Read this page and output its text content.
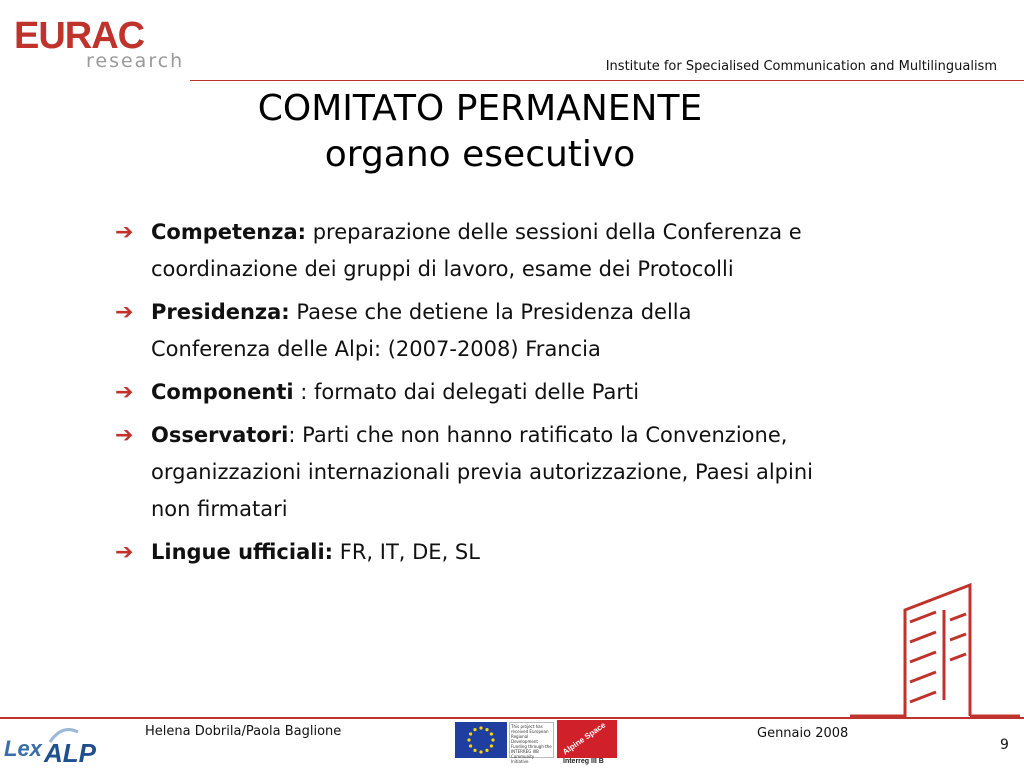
EURAC
research	Institute for Specialised Communication and Multilingualism
COMITATO PERMANENTE
organo esecutivo
➔ Competenza: preparazione delle sessioni della Conferenza e coordinazione dei gruppi di lavoro, esame dei Protocolli
➔ Presidenza: Paese che detiene la Presidenza della Conferenza delle Alpi: (2007-2008) Francia
➔ Componenti : formato dai delegati delle Parti
➔ Osservatori: Parti che non hanno ratificato la Convenzione, organizzazioni internazionali previa autorizzazione, Paesi alpini non firmatari
➔ Lingue ufficiali: FR, IT, DE, SL
Lex ALP
Helena Dobrila/Paola Baglione	This project has received European Regional Development Funding through the INTERREG IIIB Community Initiative
Alpine Space
Interreg III B
Gennaio 2008
9
